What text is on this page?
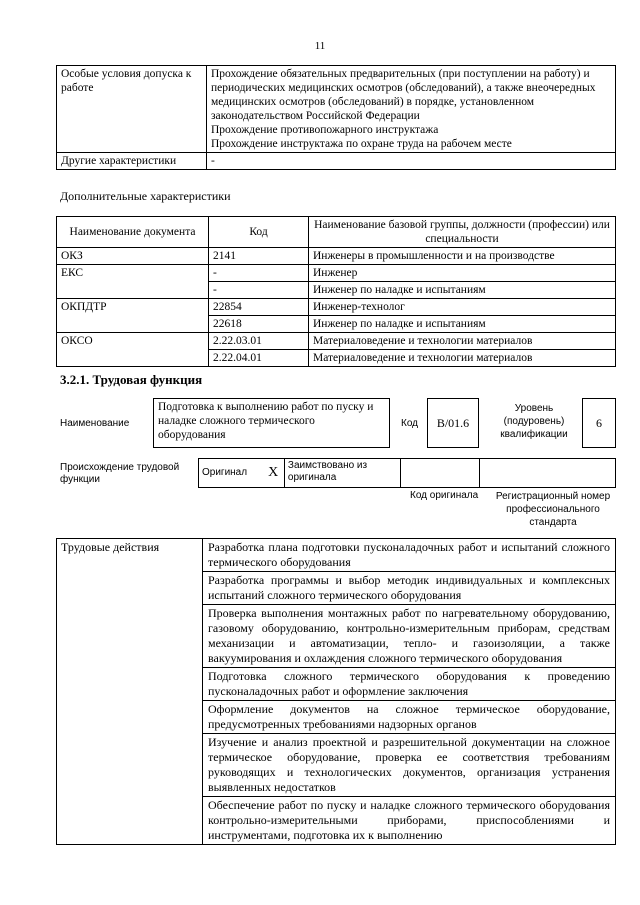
11
Особые условия допуска к работе	Прохождение обязательных предварительных (при поступлении на работу) и периодических медицинских осмотров (обследований), а также внеочередных медицинских осмотров (обследований) в порядке, установленном законодательством Российской Федерации
Прохождение противопожарного инструктажа
Прохождение инструктажа по охране труда на рабочем месте

Другие характеристики	-
Дополнительные характеристики
Наименование документа	Код	Наименование базовой группы, должности (профессии) или специальности
ОКЗ	2141	Инженеры в промышленности и на производстве
ЕКС	-	Инженер
	-	Инженер по наладке и испытаниям
ОКПДТР	22854	Инженер-технолог
	22618	Инженер по наладке и испытаниям
ОКСО	2.22.03.01	Материаловедение и технологии материалов
	2.22.04.01	Материаловедение и технологии материалов
3.2.1. Трудовая функция
Наименование
Подготовка к выполнению работ по пуску и наладке сложного термического оборудования
Код	B/01.6
Уровень (подуровень) квалификации
6
Происхождение трудовой функции
Оригинал	X	Заимствовано из оригинала		
Код оригинала	Регистрационный номер профессионального стандарта
Трудовые действия	Разработка плана подготовки пусконаладочных работ и испытаний сложного термического оборудования
Разработка программы и выбор методик индивидуальных и комплексных испытаний сложного термического оборудования
Проверка выполнения монтажных работ по нагревательному оборудованию, газовому оборудованию, контрольно-измерительным приборам, средствам механизации и автоматизации, тепло- и газоизоляции, а также вакуумирования и охлаждения сложного термического оборудования
Подготовка сложного термического оборудования к проведению пусконаладочных работ и оформление заключения
Оформление документов на сложное термическое оборудование, предусмотренных требованиями надзорных органов
Изучение и анализ проектной и разрешительной документации на сложное термическое оборудование, проверка ее соответствия требованиям руководящих и технологических документов, организация устранения выявленных недостатков
Обеспечение работ по пуску и наладке сложного термического оборудования контрольно-измерительными приборами, приспособлениями и инструментами, подготовка их к выполнению
